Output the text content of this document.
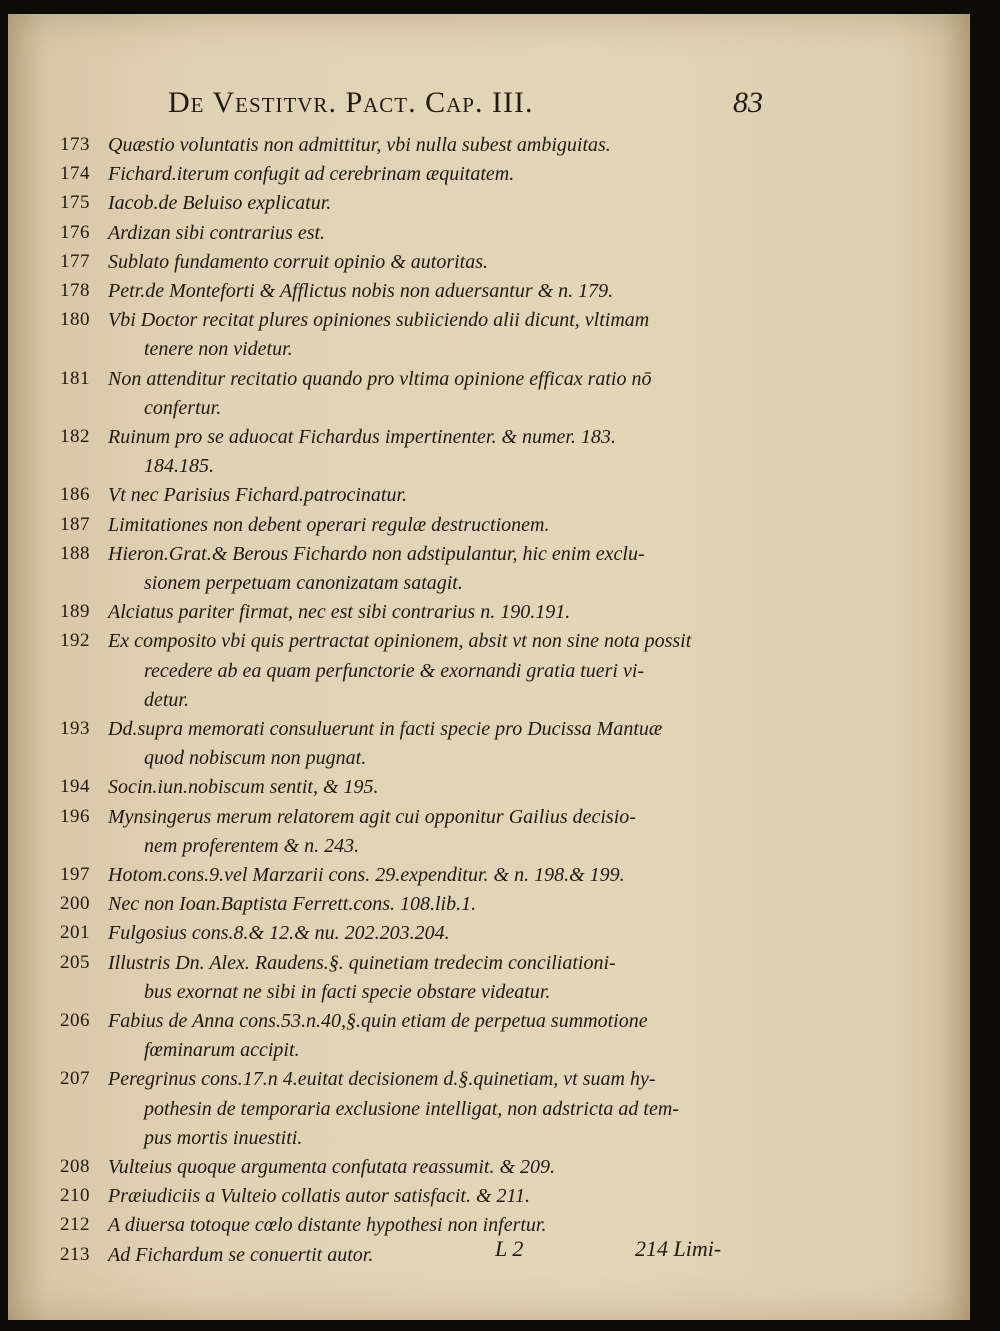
De Vestitvr. Pact. Cap. III.	83
173 Quæstio voluntatis non admittitur, vbi nulla subest ambiguitas.
174 Fichard.iterum confugit ad cerebrinam æquitatem.
175 Iacob.de Beluiso explicatur.
176 Ardizan sibi contrarius est.
177 Sublato fundamento corruit opinio & autoritas.
178 Petr.de Monteforti & Afflictus nobis non aduersantur & n. 179.
180 Vbi Doctor recitat plures opiniones subiiciendo alii dicunt, vltimam
tenere non videtur.
181 Non attenditur recitatio quando pro vltima opinione efficax ratio nō
confertur.
182 Ruinum pro se aduocat Fichardus impertinenter. & numer. 183.
184.185.
186 Vt nec Parisius Fichard.patrocinatur.
187 Limitationes non debent operari regulæ destructionem.
188 Hieron.Grat.& Berous Fichardo non adstipulantur, hic enim exclu-
sionem perpetuam canonizatam satagit.
189 Alciatus pariter firmat, nec est sibi contrarius n. 190.191.
192 Ex composito vbi quis pertractat opinionem, absit vt non sine nota possit
recedere ab ea quam perfunctorie & exornandi gratia tueri vi-
detur.
193 Dd.supra memorati consuluerunt in facti specie pro Ducissa Mantuæ
quod nobiscum non pugnat.
194 Socin.iun.nobiscum sentit, & 195.
196 Mynsingerus merum relatorem agit cui opponitur Gailius decisio-
nem proferentem & n. 243.
197 Hotom.cons.9.vel Marzarii cons. 29.expenditur. & n. 198.& 199.
200 Nec non Ioan.Baptista Ferrett.cons. 108.lib.1.
201 Fulgosius cons.8.& 12.& nu. 202.203.204.
205 Illustris Dn. Alex. Raudens.§. quinetiam tredecim conciliationi-
bus exornat ne sibi in facti specie obstare videatur.
206 Fabius de Anna cons.53.n.40,§.quin etiam de perpetua summotione
fœminarum accipit.
207 Peregrinus cons.17.n 4.euitat decisionem d.§.quinetiam, vt suam hy-
pothesin de temporaria exclusione intelligat, non adstricta ad tem-
pus mortis inuestiti.
208 Vulteius quoque argumenta confutata reassumit. & 209.
210 Præiudiciis a Vulteio collatis autor satisfacit. & 211.
212 A diuersa totoque cœlo distante hypothesi non infertur.
213 Ad Fichardum se conuertit autor.	L 2	214 Limi-
